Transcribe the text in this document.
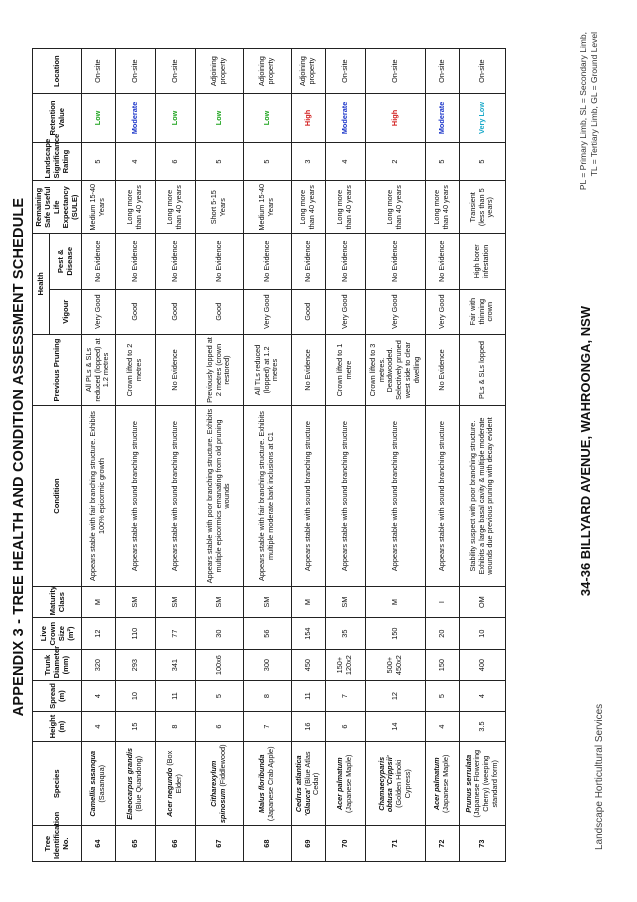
APPENDIX 3 - TREE HEALTH AND CONDITION ASSESSMENT SCHEDULE
Tree Identification No.	Species	Height (m)	Spread (m)	Trunk Diameter (mm)	Live Crown Size (m²)	Maturity Class	Condition	Previous Pruning	Health		Remaining Safe Useful Life Expectancy (SULE)	Landscape Significance Rating	Retention Value	Location
									Vigour	Pest & Disease				
64	Camellia sasanqua (Sasanqua)	4	4	320	12	M	Appears stable with fair branching structure. Exhibits 100% epicormic growth	All PLs & SLs reduced (lopped) at 1.2 metres	Very Good	No Evidence	Medium 15-40 Years	5	Low	On-site
65	Elaeocarpus grandis (Blue Quandong)	15	10	293	110	SM	Appears stable with sound branching structure	Crown lifted to 2 metres	Good	No Evidence	Long more than 40 years	4	Moderate	On-site
66	Acer negundo (Box Elder)	8	11	341	77	SM	Appears stable with sound branching structure	No Evidence	Good	No Evidence	Long more than 40 years	6	Low	On-site
67	Citharexylum spinosum (Fiddlewood)	6	5	100x6	30	SM	Appears stable with poor branching structure. Exhibits multiple epicormics emanating from old pruning wounds	Previously lopped at 2 metres (crown restored)	Good	No Evidence	Short 5-15 Years	5	Low	Adjoining property
68	Malus floribunda (Japanese Crab Apple)	7	8	300	56	SM	Appears stable with fair branching structure. Exhibits multiple moderate bark inclusions at C1	All TLs reduced (lopped) at 1.2 metres	Very Good	No Evidence	Medium 15-40 Years	5	Low	Adjoining property
69	Cedrus atlantica 'Glauca' (Blue Atlas Cedar)	16	11	450	154	M	Appears stable with sound branching structure	No Evidence	Good	No Evidence	Long more than 40 years	3	High	Adjoining property
70	Acer palmatum (Japanese Maple)	6	7	150+ 120x2	35	SM	Appears stable with sound branching structure	Crown lifted to 1 metre	Very Good	No Evidence	Long more than 40 years	4	Moderate	On-site
71	Chamaecyparis obtusa 'Crippsii' (Golden Hinoki Cypress)	14	12	500+ 450x2	150	M	Appears stable with sound branching structure	Crown lifted to 3 metres. Deadwooded. Selectively pruned west side to clear dwelling	Very Good	No Evidence	Long more than 40 years	2	High	On-site
72	Acer palmatum (Japanese Maple)	4	5	150	20	I	Appears stable with sound branching structure	No Evidence	Very Good	No Evidence	Long more than 40 years	5	Moderate	On-site
73	Prunus serrulata (Japanese Flowering Cherry) (weeping standard form)	3.5	4	400	10	OM	Stability suspect with poor branching structure. Exhibits a large basal cavity & multiple moderate wounds due previous pruning with decay evident	PLs & SLs lopped	Fair with thinning crown	High borer infestation	Transient (less than 5 years)	5	Very Low	On-site
Landscape Horticultural Services
34-36 BILLYARD AVENUE, WAHROONGA, NSW
PL = Primary Limb, SL = Secondary Limb, TL = Tertiary Limb, GL = Ground Level
